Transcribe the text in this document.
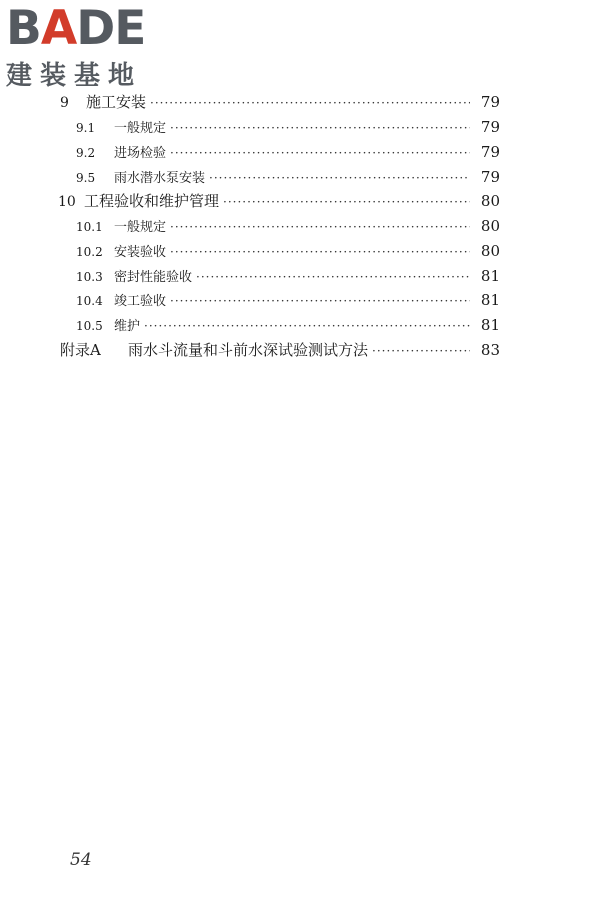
BADE
建装基地
9	施工安装 ·····	79
9.1	一般规定 ·····	79
9.2	进场检验 ·····	79
9.5	雨水潜水泵安装 ·····	79
10 工程验收和维护管理 ·····	80
10.1 一般规定 ·····	80
10.2 安装验收 ·····	80
10.3 密封性能验收 ·····	81
10.4 竣工验收 ·····	81
10.5 维护 ·····	81
附录A	雨水斗流量和斗前水深试验测试方法 ·····	83
54
